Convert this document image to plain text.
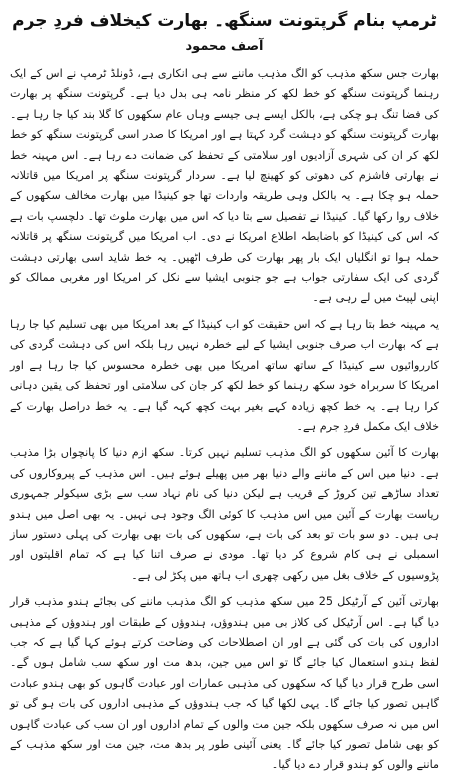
ٹرمپ بنام گرپتونت سنگھ۔ بھارت کیخلاف فردِ جرم
آصف محمود

بھارت جس سکھ مذہب کو الگ مذہب ماننے سے ہی انکاری ہے، ڈونلڈ ٹرمپ نے اس کے ایک رہنما گرپتونت سنگھ کو خط لکھ کر منظر نامہ ہی بدل دیا ہے۔ گرپتونت سنگھ پر بھارت کی فضا تنگ ہو چکی ہے، بالکل ایسے ہی جیسے وہاں عام سکھوں کا گلا بند کیا جا رہا ہے۔ بھارت گرپتونت سنگھ کو دہشت گرد کہتا ہے اور امریکا کا صدر اسی گرپتونت سنگھ کو خط لکھ کر ان کی شہری آزادیوں اور سلامتی کے تحفظ کی ضمانت دے رہا ہے۔ اس مہینہ خط نے بھارتی فاشزم کی دھوتی کو کھینچ لیا ہے۔ سردار گرپتونت سنگھ پر امریکا میں قاتلانہ حملہ ہو چکا ہے۔ یہ بالکل وہی طریقہ واردات تھا جو کینیڈا میں بھارت مخالف سکھوں کے خلاف روا رکھا گیا۔ کینیڈا نے تفصیل سے بتا دیا کہ اس میں بھارت ملوث تھا۔ دلچسپ بات ہے کہ اس کی کینیڈا کو باضابطہ اطلاع امریکا نے دی۔ اب امریکا میں گرپتونت سنگھ پر قاتلانہ حملہ ہوا تو انگلیاں ایک بار پھر بھارت کی طرف اٹھیں۔ یہ خط شاید اسی بھارتی دہشت گردی کی ایک سفارتی جواب ہے جو جنوبی ایشیا سے نکل کر امریکا اور مغربی ممالک کو اپنی لپیٹ میں لے رہی ہے۔

یہ مہینہ خط بتا رہا ہے کہ اس حقیقت کو اب کینیڈا کے بعد امریکا میں بھی تسلیم کیا جا رہا ہے کہ بھارت اب صرف جنوبی ایشیا کے لیے خطرہ نہیں رہا بلکہ اس کی دہشت گردی کی کارروائیوں سے کینیڈا کے ساتھ ساتھ امریکا میں بھی خطرہ محسوس کیا جا رہا ہے اور امریکا کا سربراہ خود سکھ رہنما کو خط لکھ کر جان کی سلامتی اور تحفظ کی یقین دہانی کرا رہا ہے۔ یہ خط کچھ زیادہ کہے بغیر بہت کچھ کہہ گیا ہے۔ یہ خط دراصل بھارت کے خلاف ایک مکمل فردِ جرم ہے۔

بھارت کا آئین سکھوں کو الگ مذہب تسلیم نہیں کرتا۔ سکھ ازم دنیا کا پانچواں بڑا مذہب ہے۔ دنیا میں اس کے ماننے والے دنیا بھر میں پھیلے ہوئے ہیں۔ اس مذہب کے پیروکاروں کی تعداد ساڑھے تین کروڑ کے قریب ہے لیکن دنیا کی نام نہاد سب سے بڑی سیکولر جمہوری ریاست بھارت کے آئین میں اس مذہب کا کوئی الگ وجود ہی نہیں۔ یہ بھی اصل میں ہندو ہی ہیں۔ دو سو بات تو بعد کی بات ہے، سکھوں کی بات بھی بھارت کی پہلی دستور ساز اسمبلی نے ہی کام شروع کر دیا تھا۔ مودی نے صرف اتنا کیا ہے کہ تمام اقلیتوں اور پڑوسیوں کے خلاف بغل میں رکھی چھری اب ہاتھ میں پکڑ لی ہے۔

بھارتی آئین کے آرٹیکل 25 میں سکھ مذہب کو الگ مذہب ماننے کی بجائے ہندو مذہب قرار دیا گیا ہے۔ اس آرٹیکل کی کلاز بی میں ہندوؤں، ہندوؤں کے طبقات اور ہندوؤں کے مذہبی اداروں کی بات کی گئی ہے اور ان اصطلاحات کی وضاحت کرتے ہوئے کہا گیا ہے کہ جب لفظ ہندو استعمال کیا جائے گا تو اس میں جین، بدھ مت اور سکھ سب شامل ہوں گے۔ اسی طرح قرار دیا گیا کہ سکھوں کی مذہبی عمارات اور عبادت گاہوں کو بھی ہندو عبادت گاہیں تصور کیا جائے گا۔ یہی لکھا گیا کہ جب ہندوؤں کے مذہبی اداروں کی بات ہو گی تو اس میں نہ صرف سکھوں بلکہ جین مت والوں کے تمام اداروں اور ان سب کی عبادت گاہوں کو بھی شامل تصور کیا جائے گا۔ یعنی آئینی طور پر بدھ مت، جین مت اور سکھ مذہب کے ماننے والوں کو ہندو قرار دے دیا گیا۔
